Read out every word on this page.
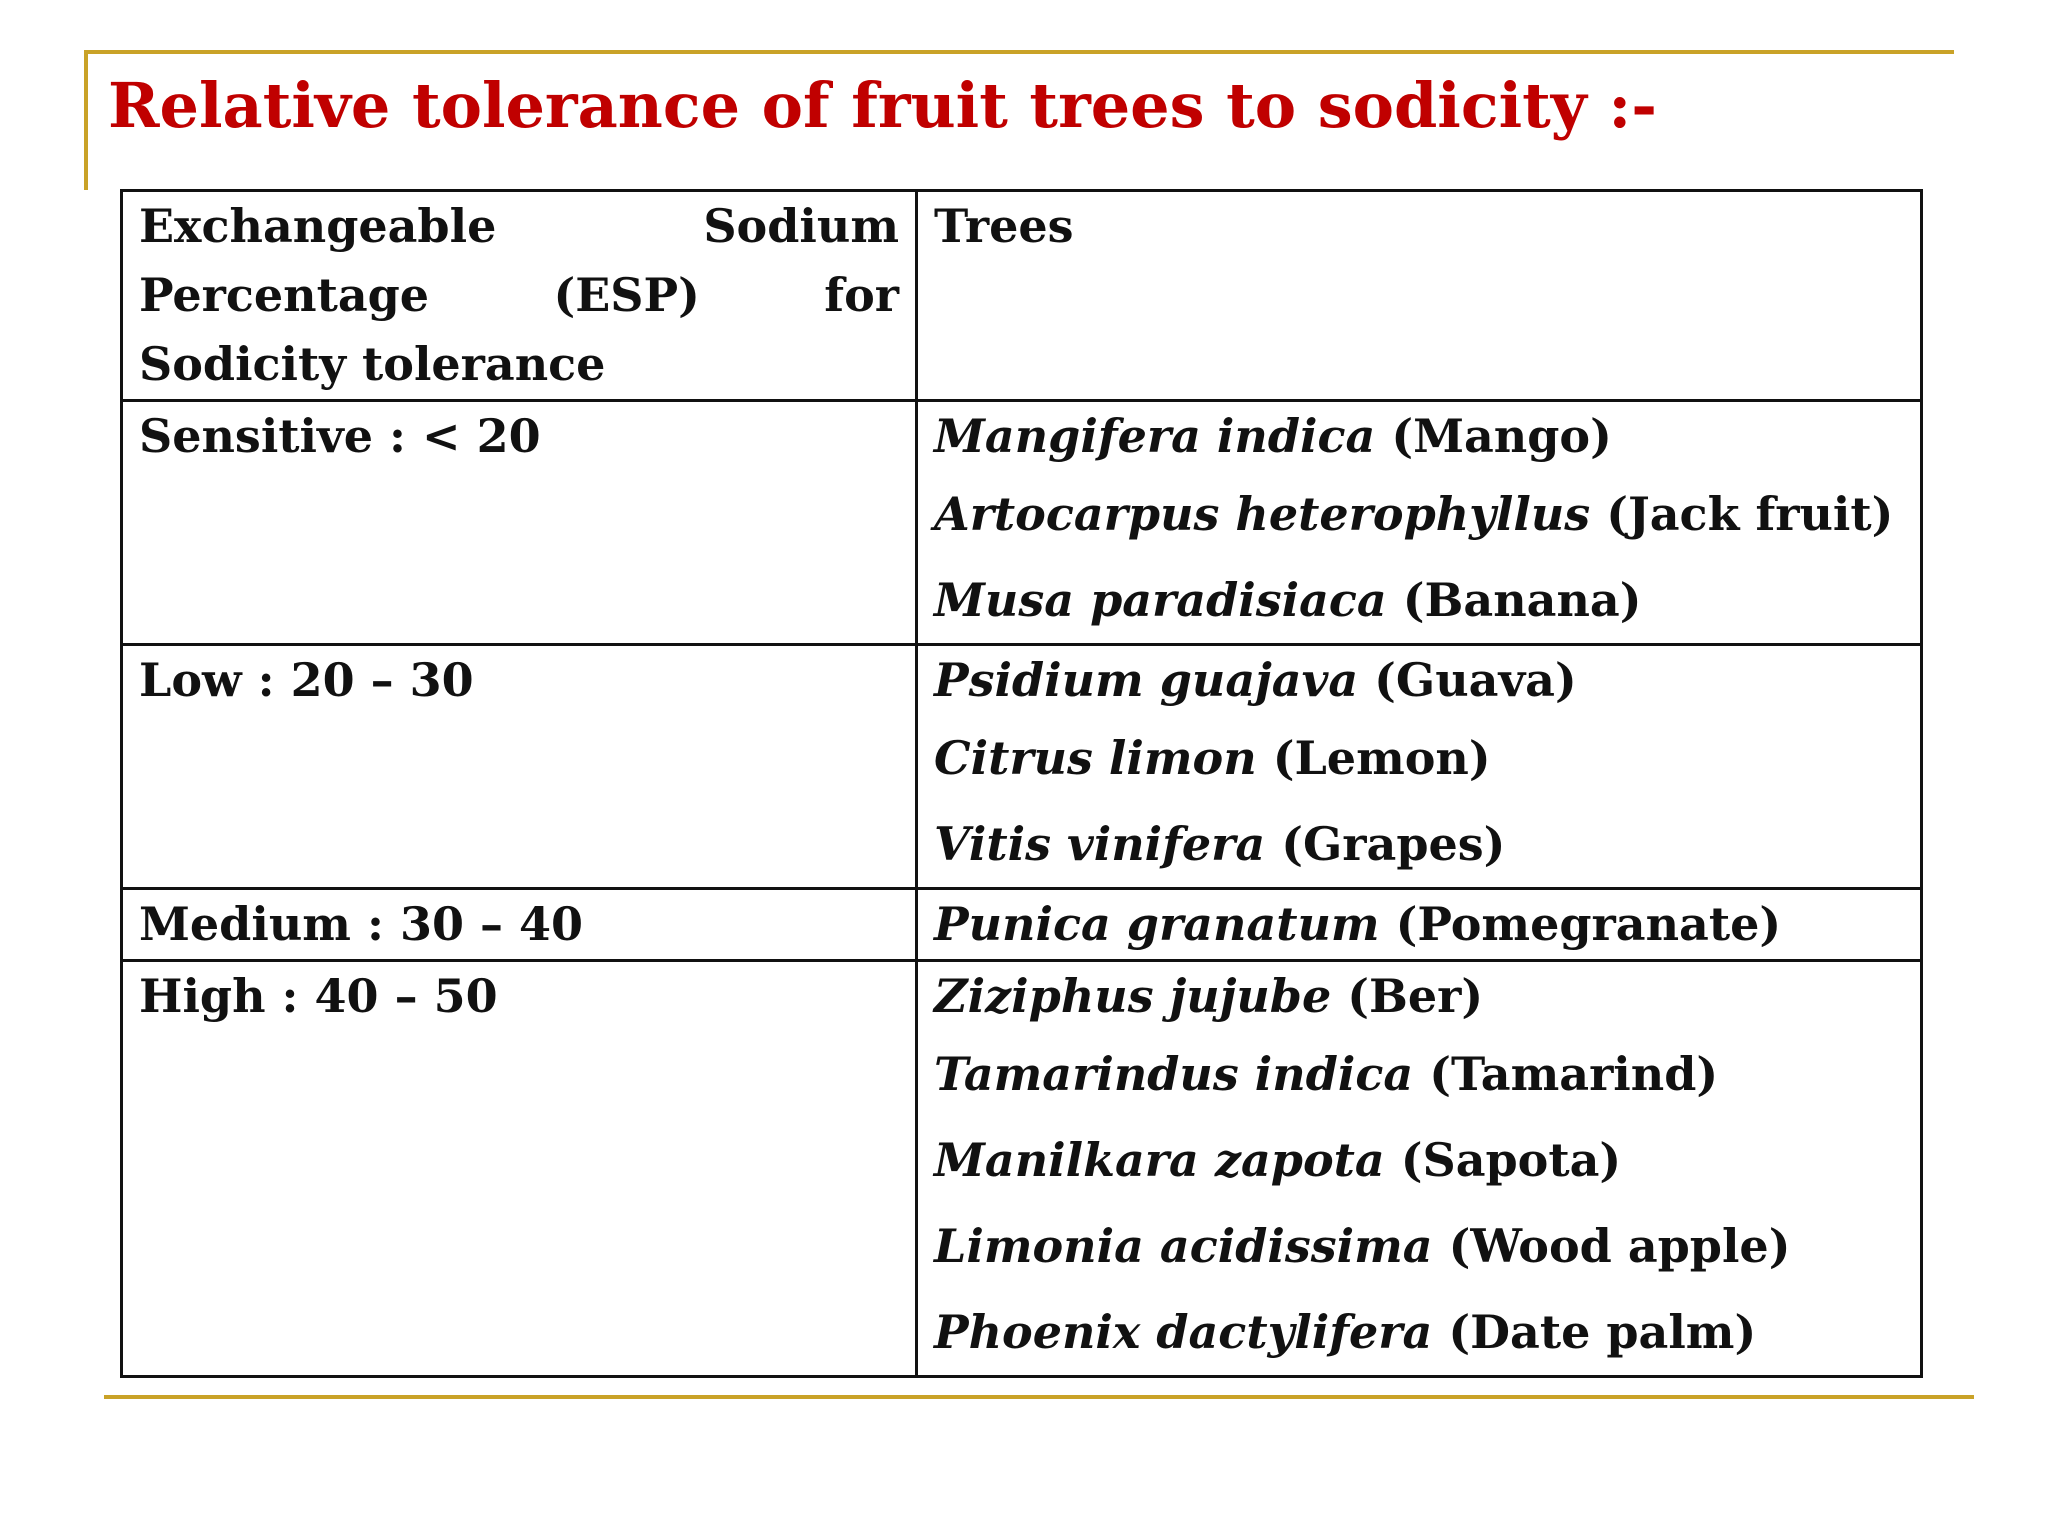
Relative tolerance of fruit trees to sodicity :-
Exchangeable Sodium Percentage (ESP) for Sodicity tolerance	Trees

Sensitive : < 20	Mangifera indica (Mango)
Artocarpus heterophyllus (Jack fruit)
Musa paradisiaca (Banana)

Low : 20 – 30	Psidium guajava (Guava)
Citrus limon (Lemon)
Vitis vinifera (Grapes)

Medium : 30 – 40	Punica granatum (Pomegranate)

High : 40 – 50	Ziziphus jujube (Ber)
Tamarindus indica (Tamarind)
Manilkara zapota (Sapota)
Limonia acidissima (Wood apple)
Phoenix dactylifera (Date palm)
